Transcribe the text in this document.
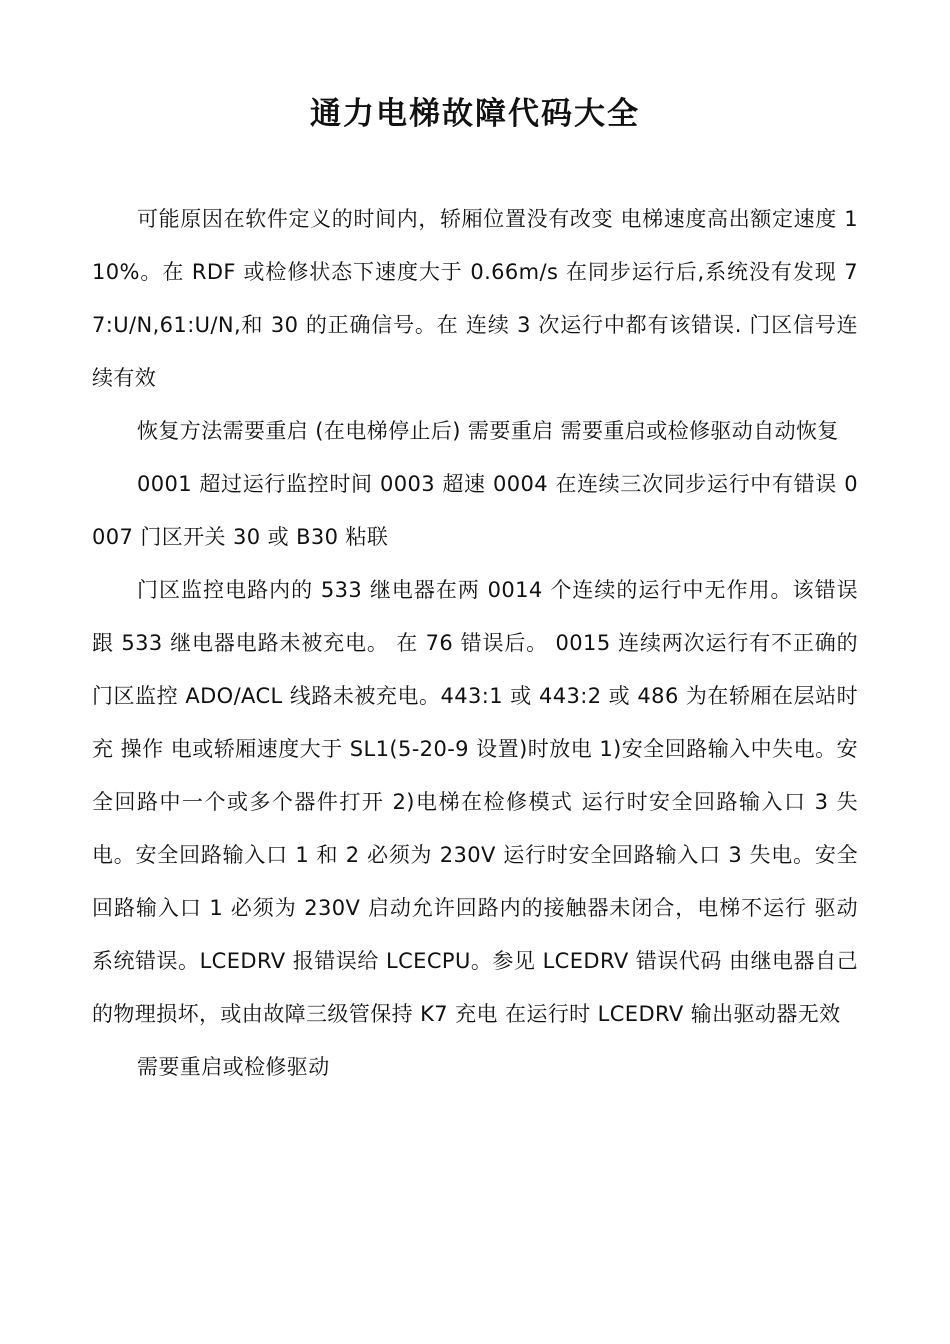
通力电梯故障代码大全

可能原因在软件定义的时间内，轿厢位置没有改变 电梯速度高出额定速度 110%。在 RDF 或检修状态下速度大于 0.66m/s 在同步运行后,系统没有发现 77:U/N,61:U/N,和 30 的正确信号。在 连续 3 次运行中都有该错误. 门区信号连续有效

恢复方法需要重启 (在电梯停止后) 需要重启 需要重启或检修驱动自动恢复

0001 超过运行监控时间 0003 超速 0004 在连续三次同步运行中有错误 0007 门区开关 30 或 B30 粘联

门区监控电路内的 533 继电器在两 0014 个连续的运行中无作用。该错误跟 533 继电器电路未被充电。 在 76 错误后。 0015 连续两次运行有不正确的门区监控 ADO/ACL 线路未被充电。443:1 或 443:2 或 486 为在轿厢在层站时充 操作 电或轿厢速度大于 SL1(5-20-9 设置)时放电 1)安全回路输入中失电。安全回路中一个或多个器件打开 2)电梯在检修模式 运行时安全回路输入口 3 失电。安全回路输入口 1 和 2 必须为 230V 运行时安全回路输入口 3 失电。安全回路输入口 1 必须为 230V 启动允许回路内的接触器未闭合，电梯不运行 驱动系统错误。LCEDRV 报错误给 LCECPU。参见 LCEDRV 错误代码 由继电器自己的物理损坏，或由故障三级管保持 K7 充电 在运行时 LCEDRV 输出驱动器无效

需要重启或检修驱动
